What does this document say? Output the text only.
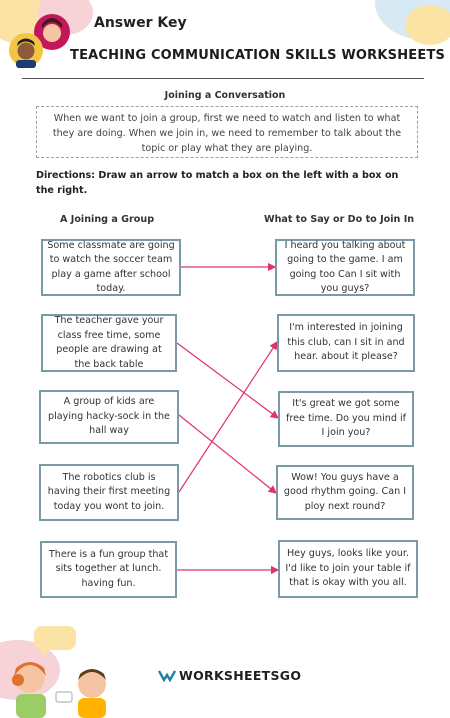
Answer Key
TEACHING COMMUNICATION SKILLS WORKSHEETS
Joining a Conversation
When we want to join a group, first we need to watch and listen to what they are doing. When we join in, we need to remember to talk about the topic or play what they are playing.
Directions: Draw an arrow to match a box on the left with a box on the right.
A Joining a Group	What to Say or Do to Join In
Some classmate are going to watch the soccer team play a game after school today.
The teacher gave your class free time, some people are drawing at the back table
A group of kids are playing hacky-sock in the hall way
The robotics club is having their first meeting today you wont to join.
There is a fun group that sits together at lunch. having fun.
I heard you talking about going to the game. I am going too Can I sit with you guys?
I'm interested in joining this club, can I sit in and hear. about it please?
It's great we got some free time. Do you mind if I join you?
Wow! You guys have a good rhythm going. Can I ploy next round?
Hey guys, looks like your. I'd like to join your table if that is okay with you all.
WORKSHEETSGO
